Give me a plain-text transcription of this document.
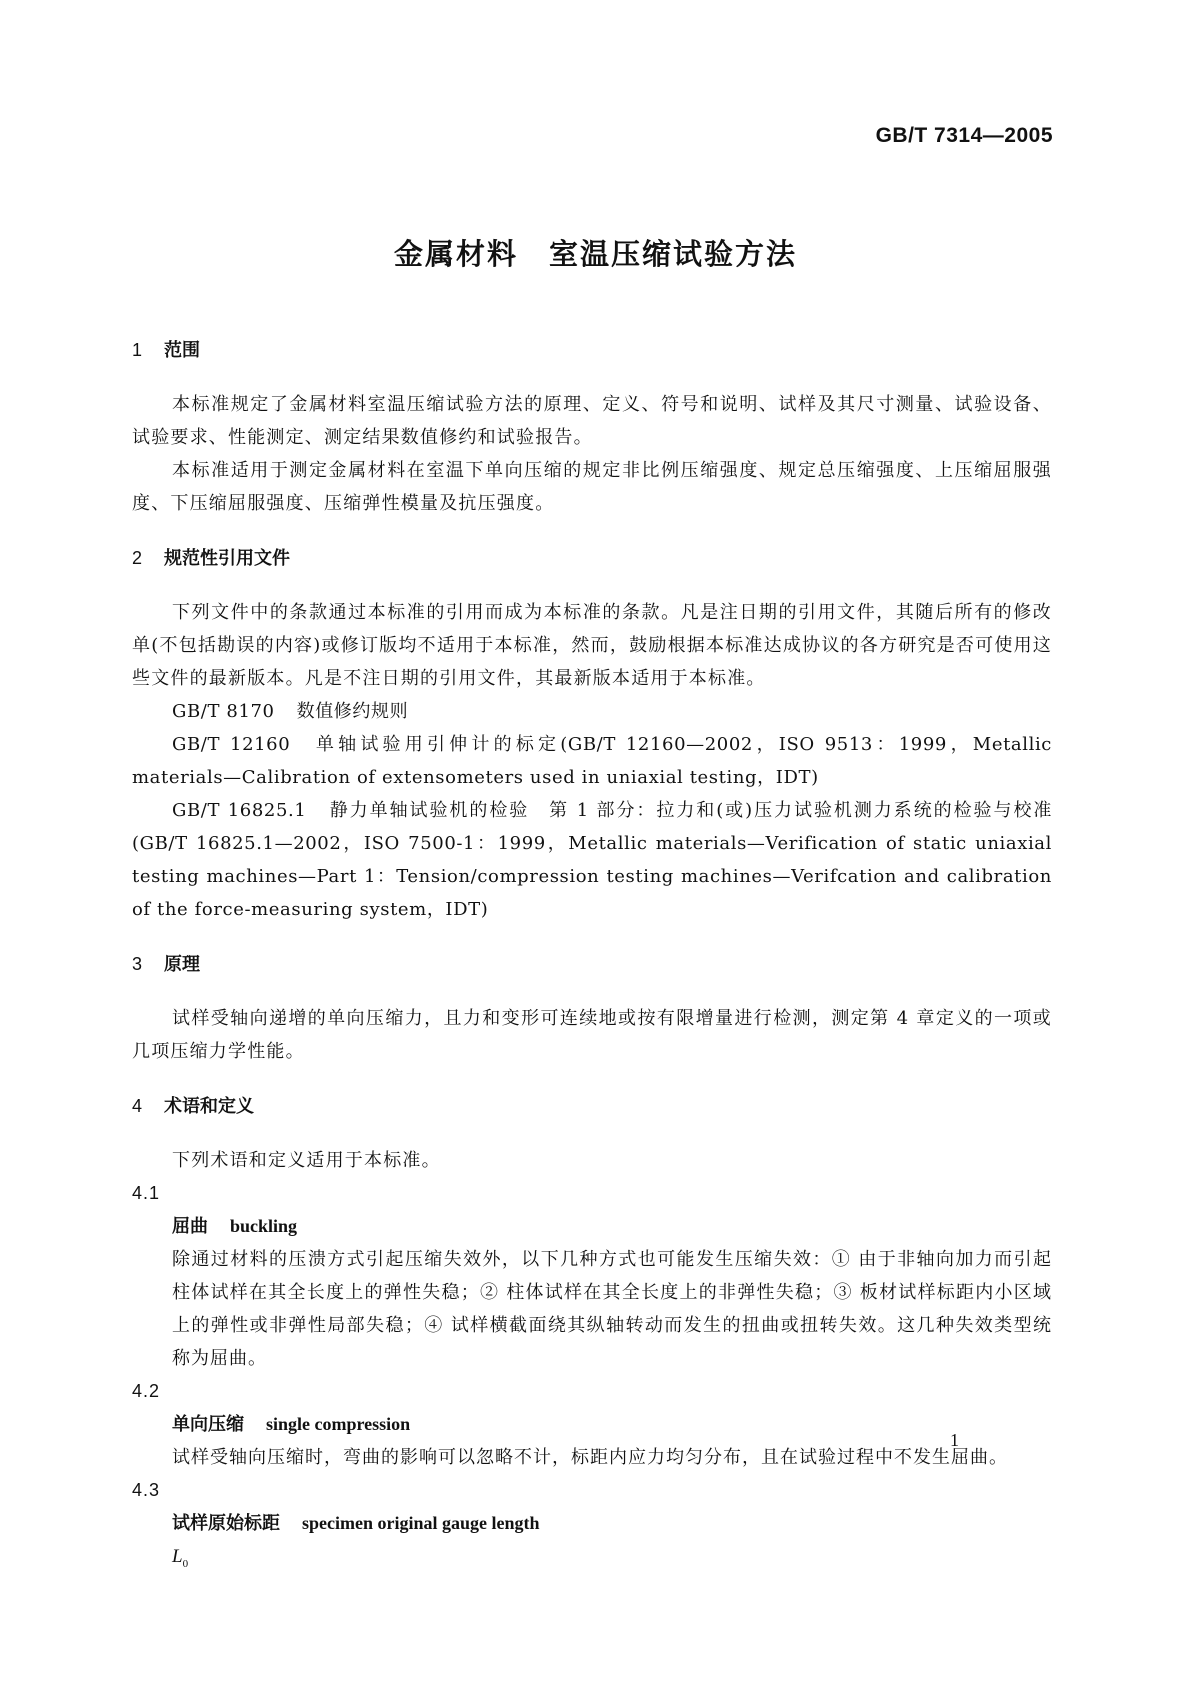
GB/T 7314—2005
金属材料　室温压缩试验方法
1 范围

本标准规定了金属材料室温压缩试验方法的原理、定义、符号和说明、试样及其尺寸测量、试验设备、试验要求、性能测定、测定结果数值修约和试验报告。

本标准适用于测定金属材料在室温下单向压缩的规定非比例压缩强度、规定总压缩强度、上压缩屈服强度、下压缩屈服强度、压缩弹性模量及抗压强度。

2 规范性引用文件

下列文件中的条款通过本标准的引用而成为本标准的条款。凡是注日期的引用文件，其随后所有的修改单(不包括勘误的内容)或修订版均不适用于本标准，然而，鼓励根据本标准达成协议的各方研究是否可使用这些文件的最新版本。凡是不注日期的引用文件，其最新版本适用于本标准。

GB/T 8170 数值修约规则

GB/T 12160 单轴试验用引伸计的标定(GB/T 12160—2002，ISO 9513：1999，Metallic materials—Calibration of extensometers used in uniaxial testing，IDT)

GB/T 16825.1 静力单轴试验机的检验　第 1 部分：拉力和(或)压力试验机测力系统的检验与校准(GB/T 16825.1—2002，ISO 7500-1：1999，Metallic materials—Verification of static uniaxial testing machines—Part 1：Tension/compression testing machines—Verifcation and calibration of the force-measuring system，IDT)

3 原理

试样受轴向递增的单向压缩力，且力和变形可连续地或按有限增量进行检测，测定第 4 章定义的一项或几项压缩力学性能。

4 术语和定义

下列术语和定义适用于本标准。

4.1

屈曲 buckling

除通过材料的压溃方式引起压缩失效外，以下几种方式也可能发生压缩失效：① 由于非轴向加力而引起柱体试样在其全长度上的弹性失稳；② 柱体试样在其全长度上的非弹性失稳；③ 板材试样标距内小区域上的弹性或非弹性局部失稳；④ 试样横截面绕其纵轴转动而发生的扭曲或扭转失效。这几种失效类型统称为屈曲。

4.2

单向压缩 single compression

试样受轴向压缩时，弯曲的影响可以忽略不计，标距内应力均匀分布，且在试验过程中不发生屈曲。

4.3

试样原始标距 specimen original gauge length

$L_0$

1
